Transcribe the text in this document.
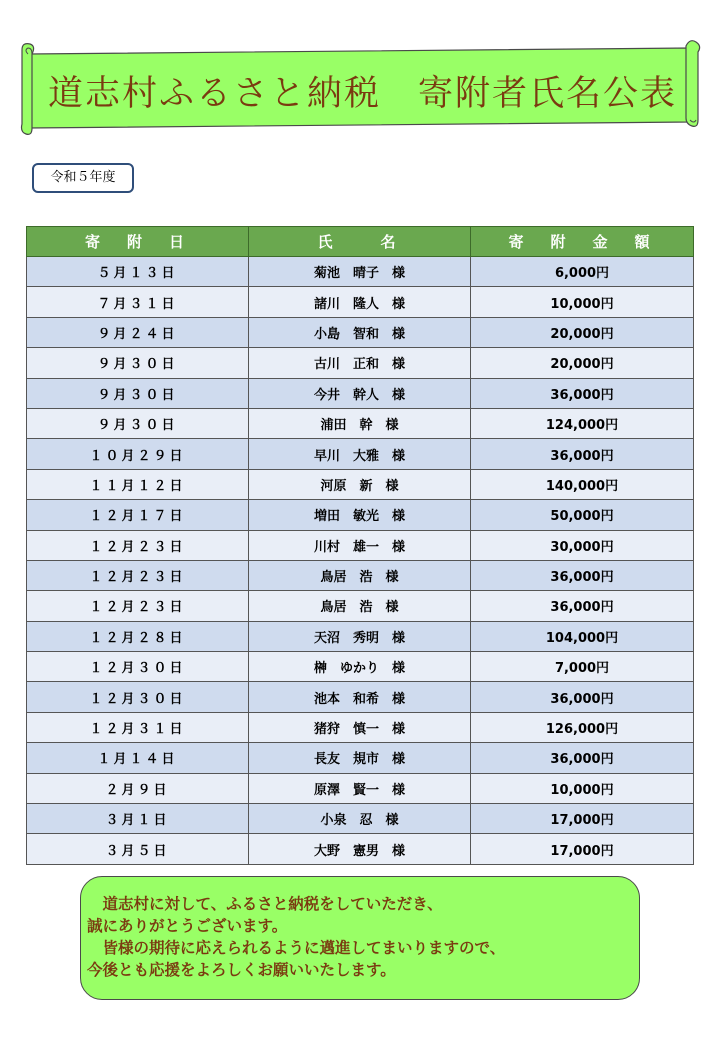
道志村ふるさと納税　寄附者氏名公表
令和５年度
寄　附　日	氏　　名	寄　附　金　額
５月１３日	菊池　晴子　様	6,000円
７月３１日	諸川　隆人　様	10,000円
９月２４日	小島　智和　様	20,000円
９月３０日	古川　正和　様	20,000円
９月３０日	今井　幹人　様	36,000円
９月３０日	浦田　幹　様	124,000円
１０月２９日	早川　大雅　様	36,000円
１１月１２日	河原　新　様	140,000円
１２月１７日	増田　敏光　様	50,000円
１２月２３日	川村　雄一　様	30,000円
１２月２３日	鳥居　浩　様	36,000円
１２月２３日	鳥居　浩　様	36,000円
１２月２８日	天沼　秀明　様	104,000円
１２月３０日	榊　ゆかり　様	7,000円
１２月３０日	池本　和希　様	36,000円
１２月３１日	猪狩　慎一　様	126,000円
１月１４日	長友　規市　様	36,000円
２月９日	原澤　賢一　様	10,000円
３月１日	小泉　忍　様	17,000円
３月５日	大野　憲男　様	17,000円

　道志村に対して、ふるさと納税をしていただき、

誠にありがとうございます。

　皆様の期待に応えられるように邁進してまいりますので、

今後とも応援をよろしくお願いいたします。
